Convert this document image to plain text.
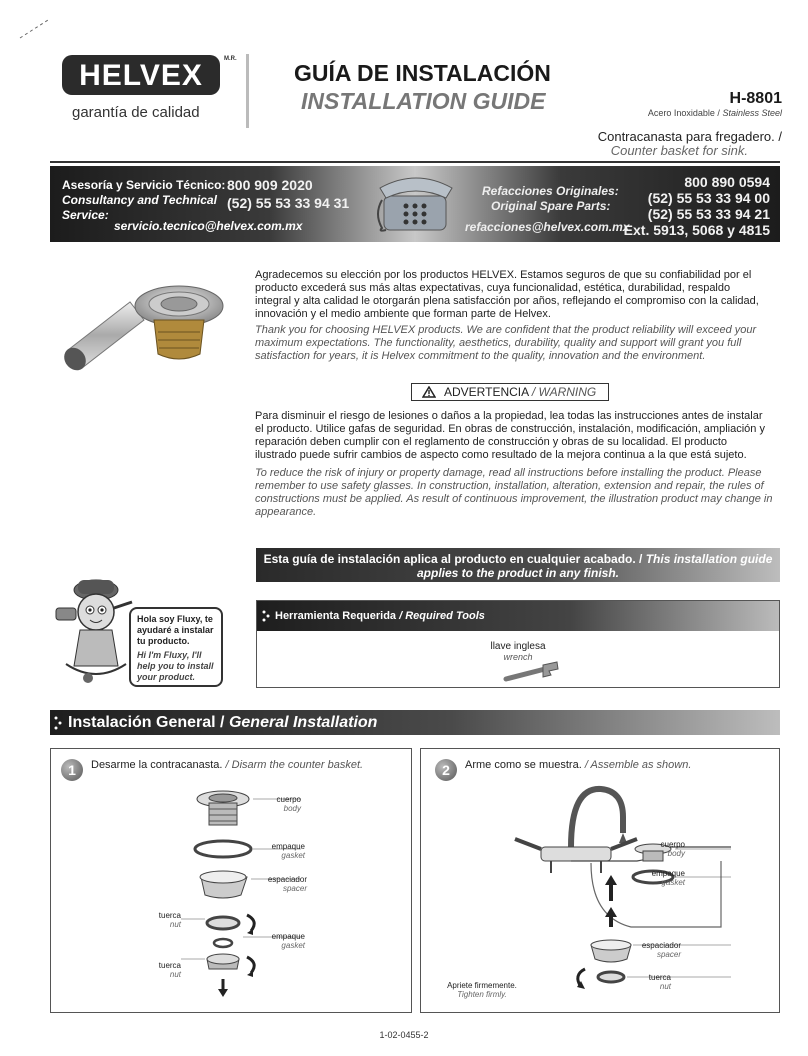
HELVEX	M.R.
garantía de calidad
GUÍA DE INSTALACIÓN
INSTALLATION GUIDE	H-8801
Acero Inoxidable / Stainless Steel
Contracanasta para fregadero. /
Counter basket for sink.
Asesoría y Servicio Técnico:
Consultancy and Technical
Service:
800 909 2020
(52) 55 53 33 94 31
servicio.tecnico@helvex.com.mx
Refacciones Originales:
Original Spare Parts:
refacciones@helvex.com.mx
800 890 0594
(52) 55 53 33 94 00
(52) 55 53 33 94 21
Ext. 5913, 5068 y 4815
Agradecemos su elección por los productos HELVEX. Estamos seguros de que su confiabilidad por el producto excederá sus más altas expectativas, cuya funcionalidad, estética, durabilidad, respaldo integral y alta calidad le otorgarán plena satisfacción por años, reflejando el compromiso con la calidad, innovación y el medio ambiente que forman parte de Helvex.
Thank you for choosing HELVEX products. We are confident that the product reliability will exceed your maximum expectations. The functionality, aesthetics, durability, quality and support will grant you full satisfaction for years, it is Helvex commitment to the quality, innovation and the environment.
ADVERTENCIA / WARNING
Para disminuir el riesgo de lesiones o daños a la propiedad, lea todas las instrucciones antes de instalar el producto. Utilice gafas de seguridad. En obras de construcción, instalación, modificación, ampliación y reparación deben cumplir con el reglamento de construcción y obras de su localidad. El producto ilustrado puede sufrir cambios de aspecto como resultado de la mejora continua a la que está sujeto.
To reduce the risk of injury or property damage, read all instructions before installing the product. Please remember to use safety glasses. In construction, installation, alteration, extension and repair, the rules of constructions must be applied. As result of continuous improvement, the illustration product may change in appearance.
Esta guía de instalación aplica al producto en cualquier acabado. / This installation guide applies to the product in any finish.
Hola soy Fluxy, te ayudaré a instalar tu producto.
Hi I'm Fluxy, I'll help you to install your product.
Herramienta Requerida / Required Tools
llave inglesa
wrench
Instalación General / General Installation
1	Desarme la contracanasta. / Disarm the counter basket.
cuerpo
body
empaque
gasket
espaciador
spacer
tuerca
nut
empaque
gasket
tuerca
nut
2	Arme como se muestra. / Assemble as shown.
cuerpo
body
empaque
gasket
espaciador
spacer
tuerca
nut
Apriete firmemente.
Tighten firmly.
1-02-0455-2
